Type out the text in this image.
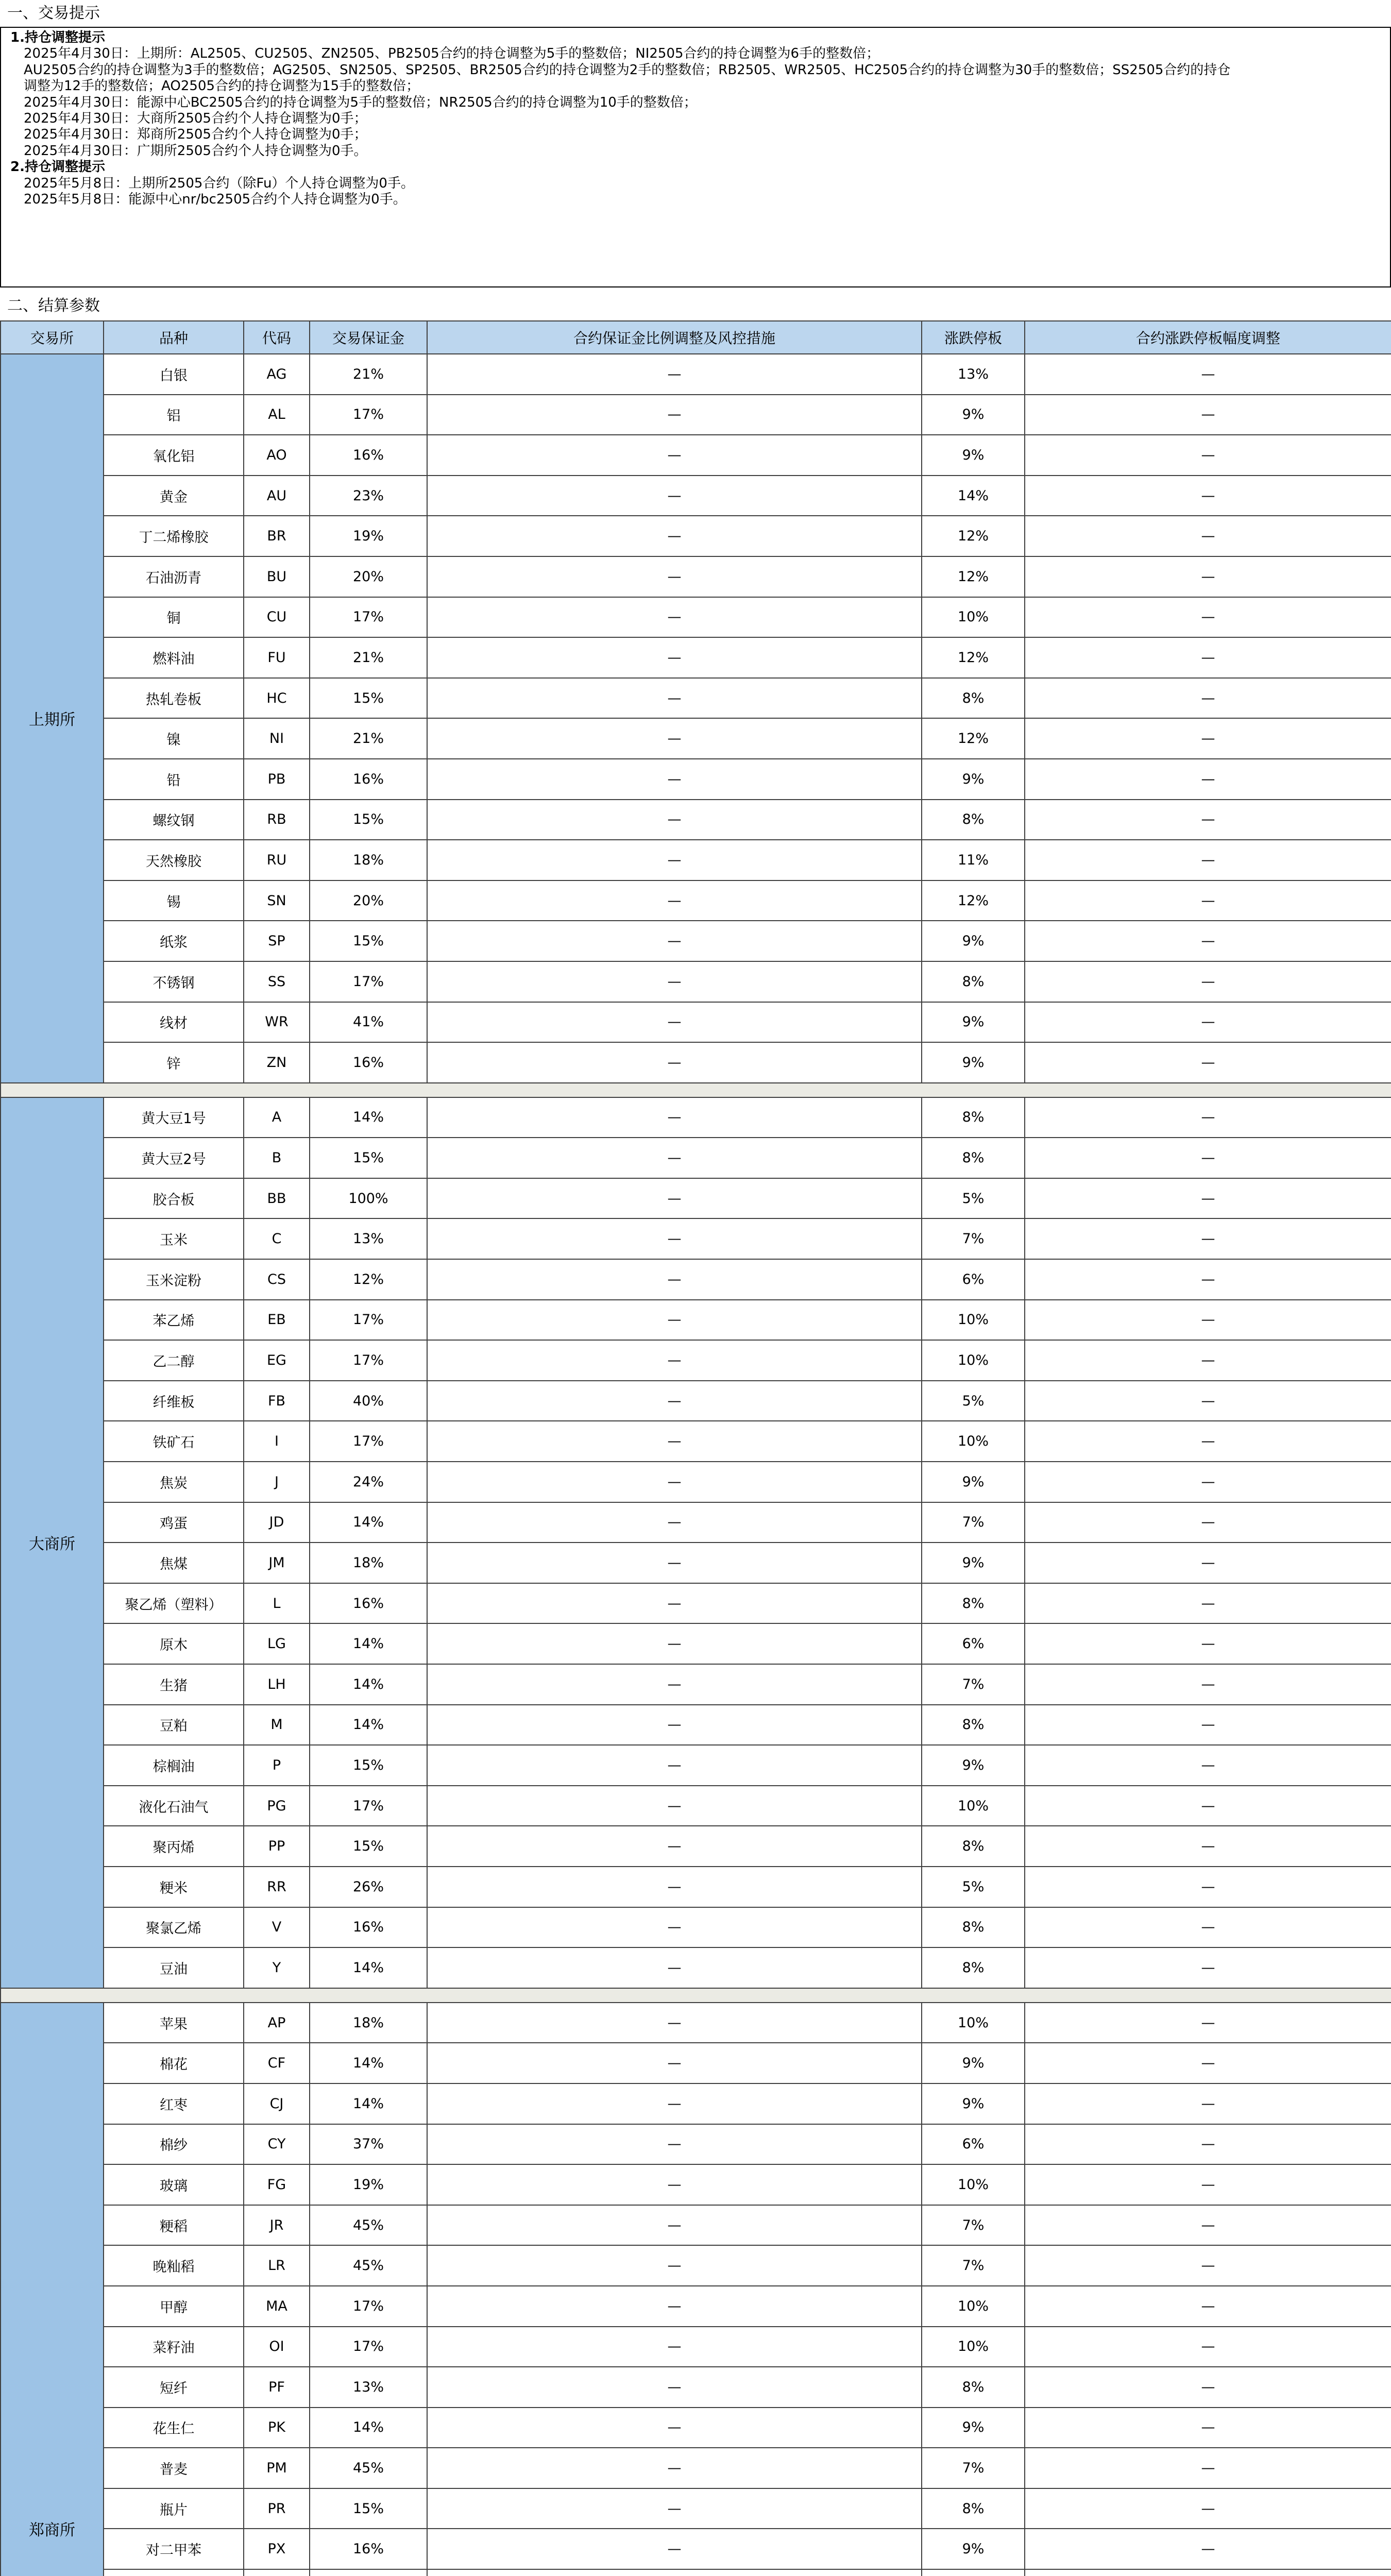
一、交易提示
1.持仓调整提示
2025年4月30日：上期所：AL2505、CU2505、ZN2505、PB2505合约的持仓调整为5手的整数倍；NI2505合约的持仓调整为6手的整数倍；
AU2505合约的持仓调整为3手的整数倍；AG2505、SN2505、SP2505、BR2505合约的持仓调整为2手的整数倍；RB2505、WR2505、HC2505合约的持仓调整为30手的整数倍；SS2505合约的持仓
调整为12手的整数倍；AO2505合约的持仓调整为15手的整数倍；
2025年4月30日：能源中心BC2505合约的持仓调整为5手的整数倍；NR2505合约的持仓调整为10手的整数倍；
2025年4月30日：大商所2505合约个人持仓调整为0手；
2025年4月30日：郑商所2505合约个人持仓调整为0手；
2025年4月30日：广期所2505合约个人持仓调整为0手。
2.持仓调整提示
2025年5月8日：上期所2505合约（除Fu）个人持仓调整为0手。
2025年5月8日：能源中心nr/bc2505合约个人持仓调整为0手。
二、结算参数
交易所	品种	代码	交易保证金	合约保证金比例调整及风控措施	涨跌停板	合约涨跌停板幅度调整
上期所	白银	AG	21%	—	13%	—
	铝	AL	17%	—	9%	—
	氧化铝	AO	16%	—	9%	—
	黄金	AU	23%	—	14%	—
	丁二烯橡胶	BR	19%	—	12%	—
	石油沥青	BU	20%	—	12%	—
	铜	CU	17%	—	10%	—
	燃料油	FU	21%	—	12%	—
	热轧卷板	HC	15%	—	8%	—
	镍	NI	21%	—	12%	—
	铅	PB	16%	—	9%	—
	螺纹钢	RB	15%	—	8%	—
	天然橡胶	RU	18%	—	11%	—
	锡	SN	20%	—	12%	—
	纸浆	SP	15%	—	9%	—
	不锈钢	SS	17%	—	8%	—
	线材	WR	41%	—	9%	—
	锌	ZN	16%	—	9%	—

大商所	黄大豆1号	A	14%	—	8%	—
	黄大豆2号	B	15%	—	8%	—
	胶合板	BB	100%	—	5%	—
	玉米	C	13%	—	7%	—
	玉米淀粉	CS	12%	—	6%	—
	苯乙烯	EB	17%	—	10%	—
	乙二醇	EG	17%	—	10%	—
	纤维板	FB	40%	—	5%	—
	铁矿石	I	17%	—	10%	—
	焦炭	J	24%	—	9%	—
	鸡蛋	JD	14%	—	7%	—
	焦煤	JM	18%	—	9%	—
	聚乙烯（塑料）	L	16%	—	8%	—
	原木	LG	14%	—	6%	—
	生猪	LH	14%	—	7%	—
	豆粕	M	14%	—	8%	—
	棕榈油	P	15%	—	9%	—
	液化石油气	PG	17%	—	10%	—
	聚丙烯	PP	15%	—	8%	—
	粳米	RR	26%	—	5%	—
	聚氯乙烯	V	16%	—	8%	—
	豆油	Y	14%	—	8%	—

郑商所	苹果	AP	18%	—	10%	—
	棉花	CF	14%	—	9%	—
	红枣	CJ	14%	—	9%	—
	棉纱	CY	37%	—	6%	—
	玻璃	FG	19%	—	10%	—
	粳稻	JR	45%	—	7%	—
	晚籼稻	LR	45%	—	7%	—
	甲醇	MA	17%	—	10%	—
	菜籽油	OI	17%	—	10%	—
	短纤	PF	13%	—	8%	—
	花生仁	PK	14%	—	9%	—
	普麦	PM	45%	—	7%	—
	瓶片	PR	15%	—	8%	—
	对二甲苯	PX	16%	—	9%	—
